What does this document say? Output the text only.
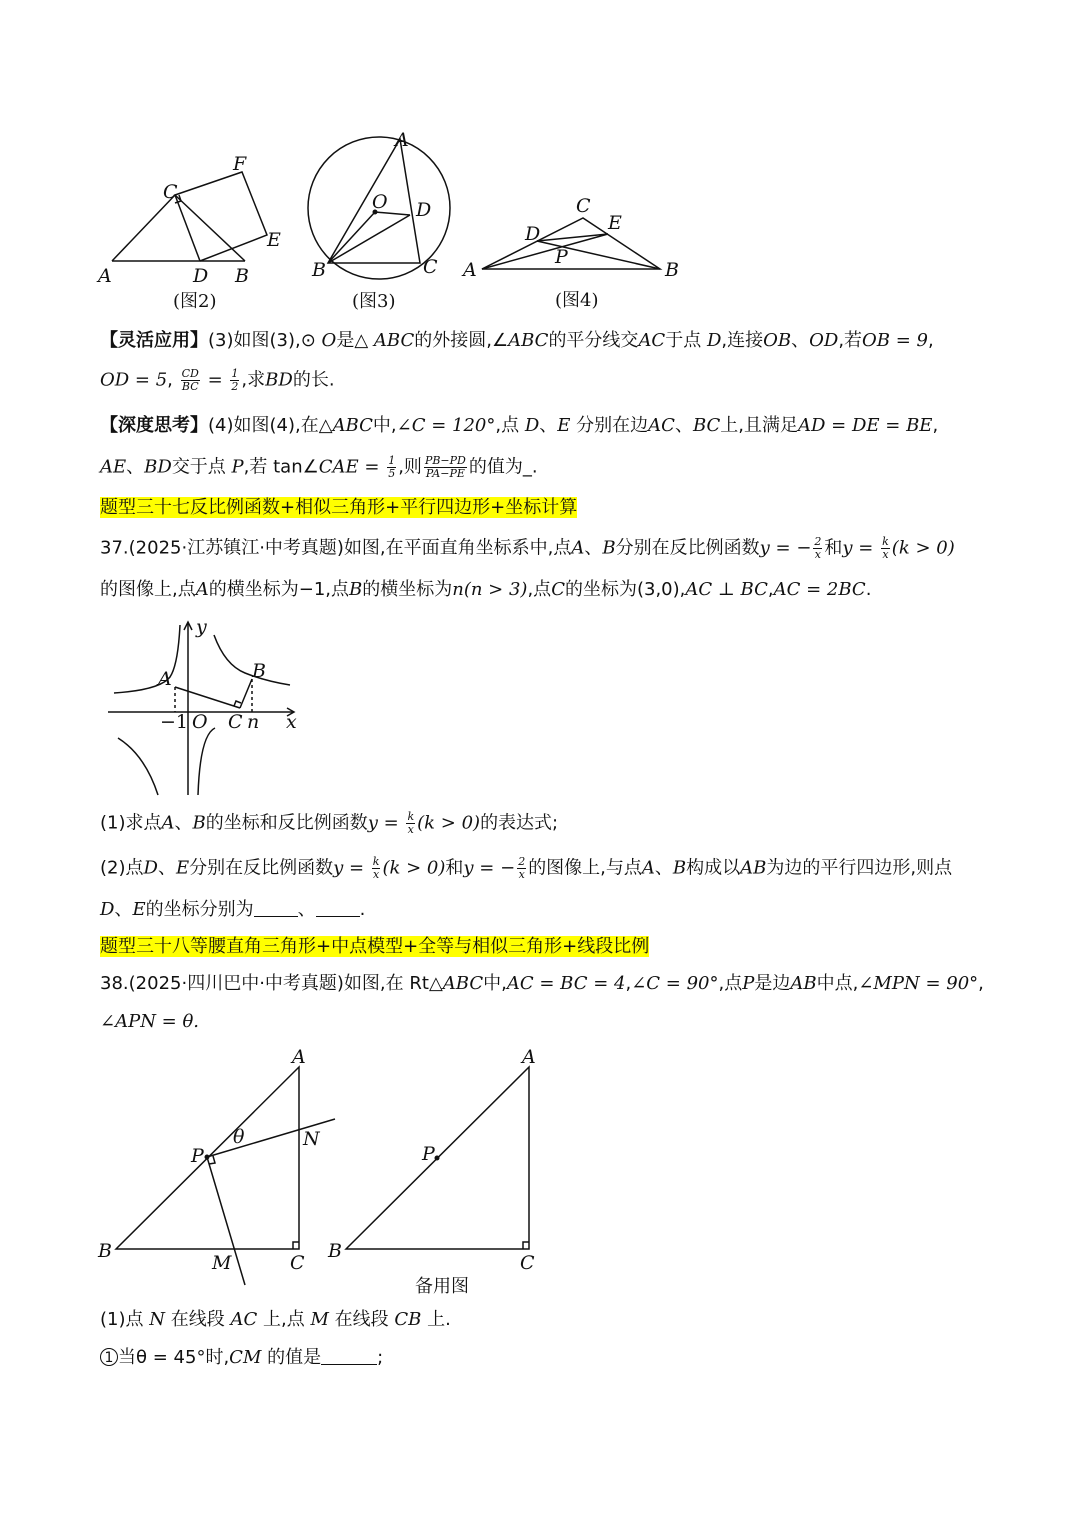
A	D B
C
F
E
(图2)
A
O D
B	C
(图3)
C
E
D
P
A	B
(图4)
【灵活应用】(3)如图(3),⊙ O是△ ABC的外接圆,∠ABC的平分线交AC于点 D,连接OB、OD,若OB = 9,
OD = 5, $\frac{CD}{BC} = \frac{1}{2}$ ,求BD的长.
【深度思考】(4)如图(4),在△ABC中,∠C = 120°,点 D、E 分别在边AC、BC上,且满足AD = DE = BE,
AE、BD交于点 P,若 tan∠CAE = $\frac{1}{5}$ ,则 $\frac{PB-PD}{PA-PE}$ 的值为_.
题型三十七反比例函数+相似三角形+平行四边形+坐标计算
37.(2025·江苏镇江·中考真题)如图,在平面直角坐标系中,点A、B分别在反比例函数y = − $\frac{2}{x}$ 和$y = \frac{k}{x} (k > 0)$
的图像上,点A的横坐标为−1,点B的横坐标为n(n > 3),点C的坐标为(3,0),AC ⊥ BC,AC = 2BC.
y
x
A	B
−1 O C n
(1)求点A、B的坐标和反比例函数$y = \frac{k}{x} (k > 0)$的表达式;
(2)点D、E分别在反比例函数$y = \frac{k}{x} (k > 0)$和y = − $\frac{2}{x}$ 的图像上,与点A、B构成以AB为边的平行四边形,则点
D、E的坐标分别为 、 .
题型三十八等腰直角三角形+中点模型+全等与相似三角形+线段比例
38.(2025·四川巴中·中考真题)如图,在 Rt△ABC中,AC = BC = 4,∠C = 90°,点P是边AB中点,∠MPN = 90°,
∠APN = θ.
A
θ	N
P
B
M	C
A
P
B
C
备用图
(1)点 N 在线段 AC 上,点 M 在线段 CB 上.
1 当θ = 45°时,CM 的值是	;
